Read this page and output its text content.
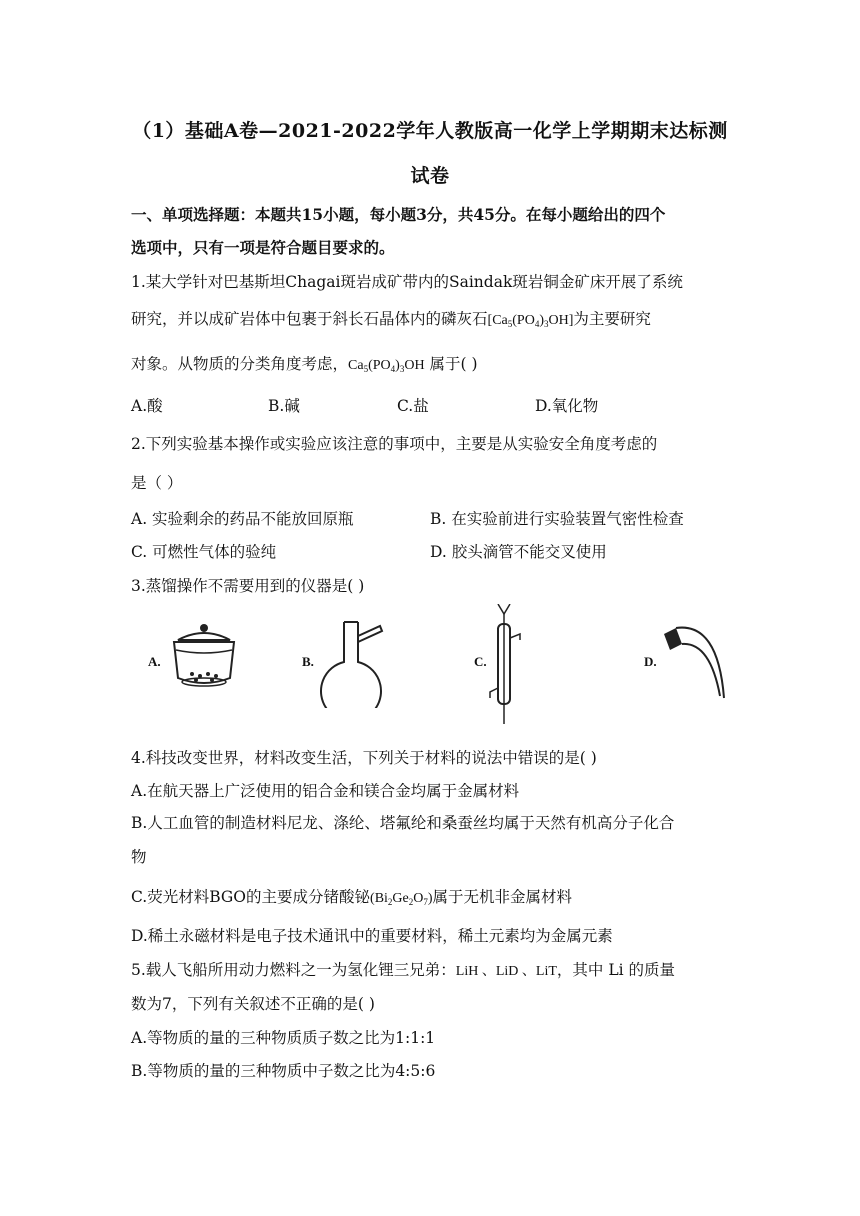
（1）基础A卷—2021-2022学年人教版高一化学上学期期末达标测
试卷
一、单项选择题：本题共15小题，每小题3分，共45分。在每小题给出的四个
选项中，只有一项是符合题目要求的。
1.某大学针对巴基斯坦Chagai斑岩成矿带内的Saindak斑岩铜金矿床开展了系统
研究，并以成矿岩体中包裹于斜长石晶体内的磷灰石$[Ca_5(PO_4)_3OH]$为主要研究
对象。从物质的分类角度考虑，$Ca_5(PO_4)_3OH$ 属于( )
A.酸	B.碱	C.盐	D.氧化物
2.下列实验基本操作或实验应该注意的事项中，主要是从实验安全角度考虑的
是（ ）
A. 实验剩余的药品不能放回原瓶	B. 在实验前进行实验装置气密性检查
C. 可燃性气体的验纯	D. 胶头滴管不能交叉使用
3.蒸馏操作不需要用到的仪器是( )
A.	B.	C.	D.
4.科技改变世界，材料改变生活，下列关于材料的说法中错误的是( )
A.在航天器上广泛使用的铝合金和镁合金均属于金属材料
B.人工血管的制造材料尼龙、涤纶、塔氟纶和桑蚕丝均属于天然有机高分子化合
物
C.荧光材料BGO的主要成分锗酸铋$(Bi_2Ge_2O_7)$属于无机非金属材料
D.稀土永磁材料是电子技术通讯中的重要材料，稀土元素均为金属元素
5.载人飞船所用动力燃料之一为氢化锂三兄弟：LiH 、LiD 、LiT，其中 Li 的质量
数为7，下列有关叙述不正确的是( )
A.等物质的量的三种物质质子数之比为1:1:1
B.等物质的量的三种物质中子数之比为4:5:6
